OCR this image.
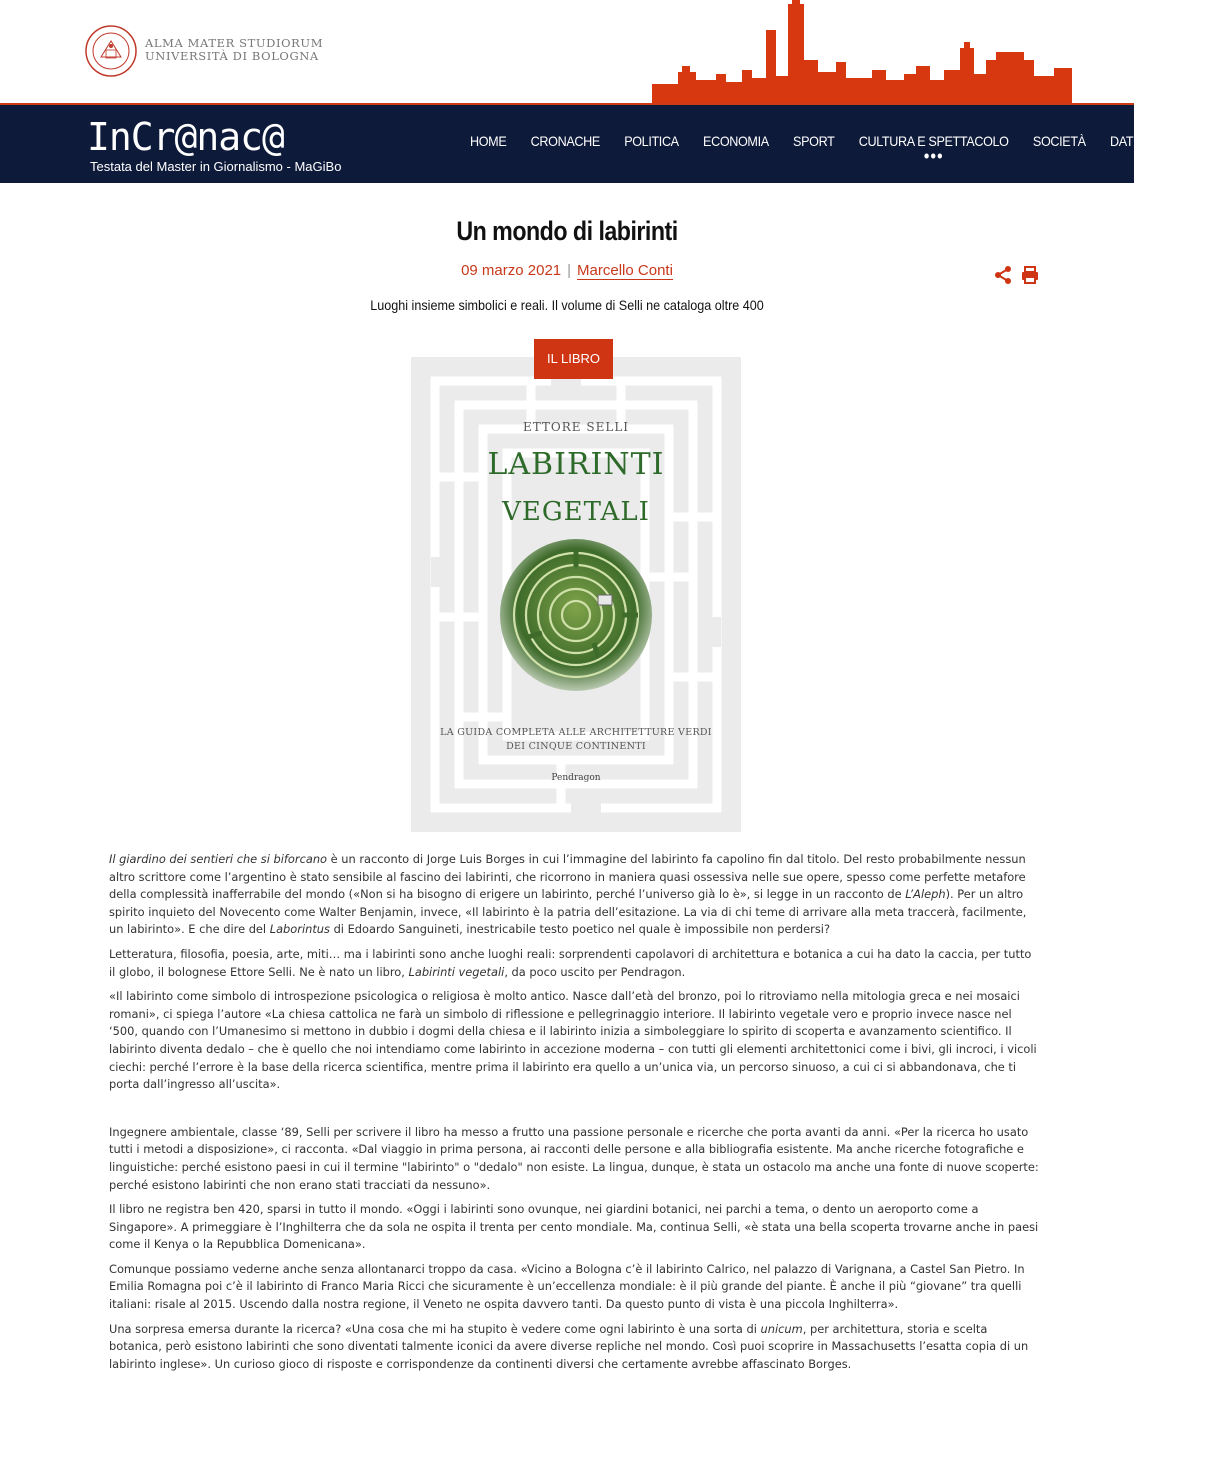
ALMA MATER STUDIORUM
UNIVERSITÀ DI BOLOGNA
InCr@nac@
Testata del Master in Giornalismo - MaGiBo
HOME CRONACHE POLITICA ECONOMIA SPORT CULTURA E SPETTACOLO
•••
SOCIETÀ DATI E MEDIA
Un mondo di labirinti
09 marzo 2021 | Marcello Conti
Luoghi insieme simbolici e reali. Il volume di Selli ne cataloga oltre 400
ETTORE SELLI
LABIRINTI
VEGETALI
LA GUIDA COMPLETA ALLE ARCHITETTURE VERDI
DEI CINQUE CONTINENTI
Pendragon
IL LIBRO

Il giardino dei sentieri che si biforcano è un racconto di Jorge Luis Borges in cui l’immagine del labirinto fa capolino fin dal titolo. Del resto probabilmente nessun altro scrittore come l’argentino è stato sensibile al fascino dei labirinti, che ricorrono in maniera quasi ossessiva nelle sue opere, spesso come perfette metafore della complessità inafferrabile del mondo («Non si ha bisogno di erigere un labirinto, perché l’universo già lo è», si legge in un racconto de L’Aleph). Per un altro spirito inquieto del Novecento come Walter Benjamin, invece, «Il labirinto è la patria dell’esitazione. La via di chi teme di arrivare alla meta traccerà, facilmente, un labirinto». E che dire del Laborintus di Edoardo Sanguineti, inestricabile testo poetico nel quale è impossibile non perdersi?

Letteratura, filosofia, poesia, arte, miti… ma i labirinti sono anche luoghi reali: sorprendenti capolavori di architettura e botanica a cui ha dato la caccia, per tutto il globo, il bolognese Ettore Selli. Ne è nato un libro, Labirinti vegetali, da poco uscito per Pendragon.

«Il labirinto come simbolo di introspezione psicologica o religiosa è molto antico. Nasce dall’età del bronzo, poi lo ritroviamo nella mitologia greca e nei mosaici romani», ci spiega l’autore «La chiesa cattolica ne farà un simbolo di riflessione e pellegrinaggio interiore. Il labirinto vegetale vero e proprio invece nasce nel ‘500, quando con l’Umanesimo si mettono in dubbio i dogmi della chiesa e il labirinto inizia a simboleggiare lo spirito di scoperta e avanzamento scientifico. Il labirinto diventa dedalo – che è quello che noi intendiamo come labirinto in accezione moderna – con tutti gli elementi architettonici come i bivi, gli incroci, i vicoli ciechi: perché l’errore è la base della ricerca scientifica, mentre prima il labirinto era quello a un’unica via, un percorso sinuoso, a cui ci si abbandonava, che ti porta dall’ingresso all’uscita».

Ingegnere ambientale, classe ‘89, Selli per scrivere il libro ha messo a frutto una passione personale e ricerche che porta avanti da anni. «Per la ricerca ho usato tutti i metodi a disposizione», ci racconta. «Dal viaggio in prima persona, ai racconti delle persone e alla bibliografia esistente. Ma anche ricerche fotografiche e linguistiche: perché esistono paesi in cui il termine "labirinto" o "dedalo" non esiste. La lingua, dunque, è stata un ostacolo ma anche una fonte di nuove scoperte: perché esistono labirinti che non erano stati tracciati da nessuno».

Il libro ne registra ben 420, sparsi in tutto il mondo. «Oggi i labirinti sono ovunque, nei giardini botanici, nei parchi a tema, o dento un aeroporto come a Singapore». A primeggiare è l’Inghilterra che da sola ne ospita il trenta per cento mondiale. Ma, continua Selli, «è stata una bella scoperta trovarne anche in paesi come il Kenya o la Repubblica Domenicana».

Comunque possiamo vederne anche senza allontanarci troppo da casa. «Vicino a Bologna c’è il labirinto Calrico, nel palazzo di Varignana, a Castel San Pietro. In Emilia Romagna poi c’è il labirinto di Franco Maria Ricci che sicuramente è un’eccellenza mondiale: è il più grande del piante. È anche il più “giovane” tra quelli italiani: risale al 2015. Uscendo dalla nostra regione, il Veneto ne ospita davvero tanti. Da questo punto di vista è una piccola Inghilterra».

Una sorpresa emersa durante la ricerca? «Una cosa che mi ha stupito è vedere come ogni labirinto è una sorta di unicum, per architettura, storia e scelta botanica, però esistono labirinti che sono diventati talmente iconici da avere diverse repliche nel mondo. Così puoi scoprire in Massachusetts l’esatta copia di un labirinto inglese». Un curioso gioco di risposte e corrispondenze da continenti diversi che certamente avrebbe affascinato Borges.
